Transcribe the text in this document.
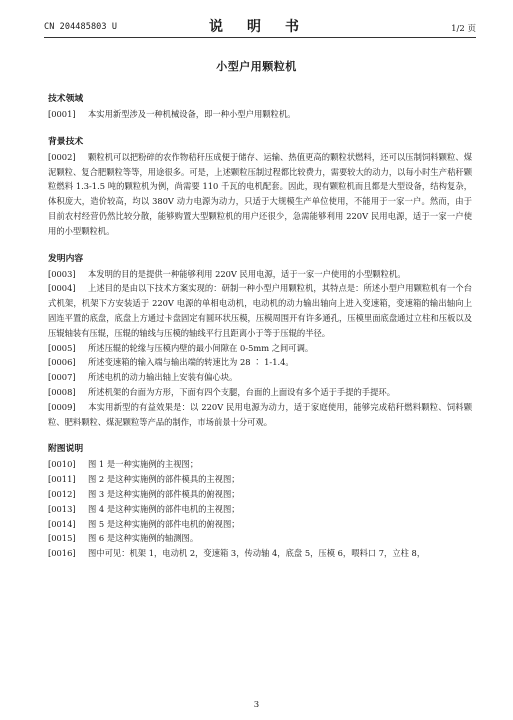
CN 204485803 U	说　明　书	1/2 页
小型户用颗粒机
技术领域

[0001] 本实用新型涉及一种机械设备，即一种小型户用颗粒机。

背景技术

[0002] 颗粒机可以把粉碎的农作物秸秆压成便于储存、运输、热值更高的颗粒状燃料，还可以压制饲料颗粒、煤泥颗粒、复合肥颗粒等等，用途很多。可是，上述颗粒压制过程都比较费力，需要较大的动力，以每小时生产秸秆颗粒燃料 1.3-1.5 吨的颗粒机为例，尚需要 110 千瓦的电机配套。因此，现有颗粒机而且都是大型设备，结构复杂，体积庞大，造价较高，均以 380V 动力电源为动力，只适于大规模生产单位使用，不能用于一家一户。然而，由于目前农村经营仍然比较分散，能够购置大型颗粒机的用户还很少，急需能够利用 220V 民用电源，适于一家一户使用的小型颗粒机。

发明内容

[0003] 本发明的目的是提供一种能够利用 220V 民用电源，适于一家一户使用的小型颗粒机。

[0004] 上述目的是由以下技术方案实现的：研制一种小型户用颗粒机，其特点是：所述小型户用颗粒机有一个台式机架，机架下方安装适于 220V 电源的单相电动机，电动机的动力输出轴向上进入变速箱，变速箱的输出轴向上固连平置的底盘，底盘上方通过卡盘固定有圆环状压模，压模周围开有许多通孔，压模里面底盘通过立柱和压板以及压辊轴装有压辊，压辊的轴线与压模的轴线平行且距离小于等于压辊的半径。

[0005] 所述压辊的轮缘与压模内壁的最小间隙在 0-5mm 之间可调。

[0006] 所述变速箱的输入端与输出端的转速比为 28 ∶ 1-1.4。

[0007] 所述电机的动力输出轴上安装有偏心块。

[0008] 所述机架的台面为方形，下面有四个支腿，台面的上面设有多个适于手提的手提环。

[0009] 本实用新型的有益效果是：以 220V 民用电源为动力，适于家庭使用，能够完成秸秆燃料颗粒、饲料颗粒、肥料颗粒、煤泥颗粒等产品的制作，市场前景十分可观。

附图说明

[0010] 图 1 是一种实施例的主视图；

[0011] 图 2 是这种实施例的部件模具的主视图；

[0012] 图 3 是这种实施例的部件模具的俯视图；

[0013] 图 4 是这种实施例的部件电机的主视图；

[0014] 图 5 是这种实施例的部件电机的俯视图；

[0015] 图 6 是这种实施例的轴测图。

[0016] 图中可见：机架 1，电动机 2，变速箱 3，传动轴 4，底盘 5，压模 6，喂料口 7，立柱 8，

3
